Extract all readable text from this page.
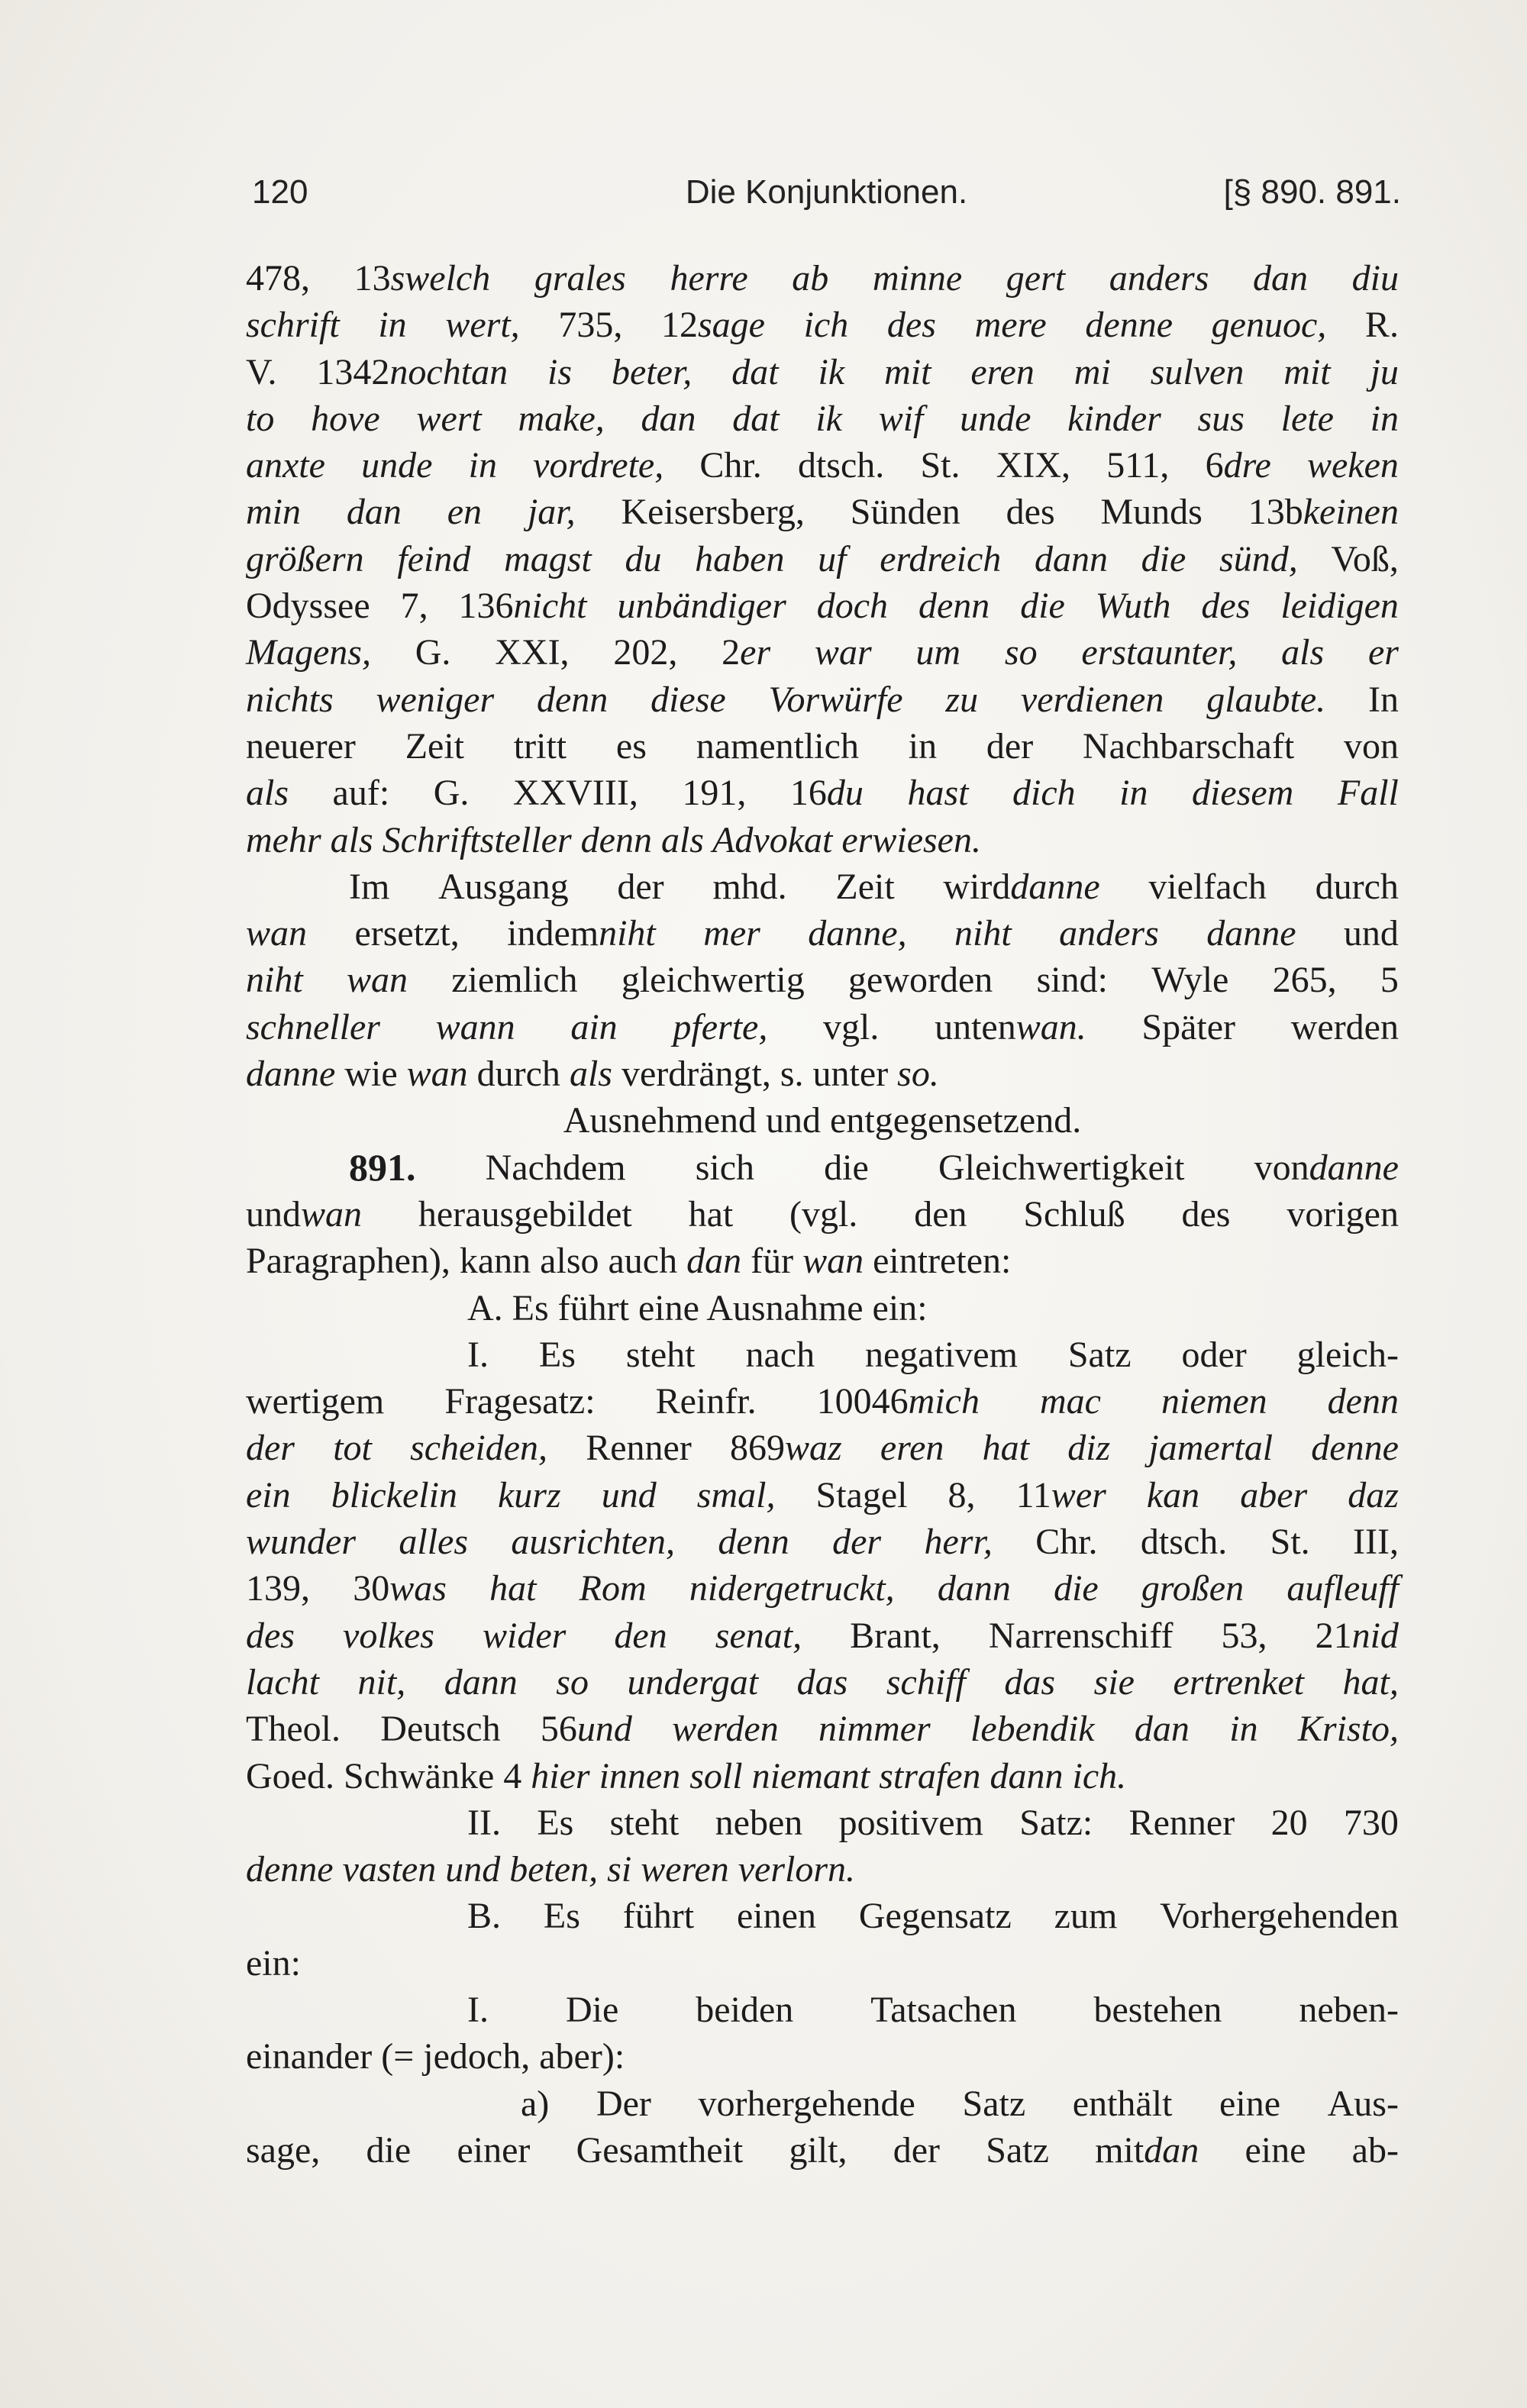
120	Die Konjunktionen.	[§ 890. 891.
478, 13swelch grales herre ab minne gert anders dan diu
schrift in wert, 735, 12sage ich des mere denne genuoc, R.
V. 1342nochtan is beter, dat ik mit eren mi sulven mit ju
to hove wert make, dan dat ik wif unde kinder sus lete in
anxte unde in vordrete, Chr. dtsch. St. XIX, 511, 6dre weken
min dan en jar, Keisersberg, Sünden des Munds 13bkeinen
größern feind magst du haben uf erdreich dann die sünd, Voß,
Odyssee 7, 136nicht unbändiger doch denn die Wuth des leidigen
Magens, G. XXI, 202, 2er war um so erstaunter, als er
nichts weniger denn diese Vorwürfe zu verdienen glaubte. In
neuerer Zeit tritt es namentlich in der Nachbarschaft von
als auf: G. XXVIII, 191, 16du hast dich in diesem Fall
mehr als Schriftsteller denn als Advokat erwiesen.
Im Ausgang der mhd. Zeit wirddanne vielfach durch
wan ersetzt, indemniht mer danne, niht anders danne und
niht wan ziemlich gleichwertig geworden sind: Wyle 265, 5
schneller wann ain pferte, vgl. untenwan. Später werden
danne wie wan durch als verdrängt, s. unter so.
Ausnehmend und entgegensetzend.
891. Nachdem sich die Gleichwertigkeit vondanne
undwan herausgebildet hat (vgl. den Schluß des vorigen
Paragraphen), kann also auch dan für wan eintreten:
A. Es führt eine Ausnahme ein:
I. Es steht nach negativem Satz oder gleich-
wertigem Fragesatz: Reinfr. 10046mich mac niemen denn
der tot scheiden, Renner 869waz eren hat diz jamertal denne
ein blickelin kurz und smal, Stagel 8, 11wer kan aber daz
wunder alles ausrichten, denn der herr, Chr. dtsch. St. III,
139, 30was hat Rom nidergetruckt, dann die großen aufleuff
des volkes wider den senat, Brant, Narrenschiff 53, 21nid
lacht nit, dann so undergat das schiff das sie ertrenket hat,
Theol. Deutsch 56und werden nimmer lebendik dan in Kristo,
Goed. Schwänke 4 hier innen soll niemant strafen dann ich.
II. Es steht neben positivem Satz: Renner 20 730
denne vasten und beten, si weren verlorn.
B. Es führt einen Gegensatz zum Vorhergehenden
ein:
I. Die beiden Tatsachen bestehen neben-
einander (= jedoch, aber):
a) Der vorhergehende Satz enthält eine Aus-
sage, die einer Gesamtheit gilt, der Satz mitdan eine ab-
